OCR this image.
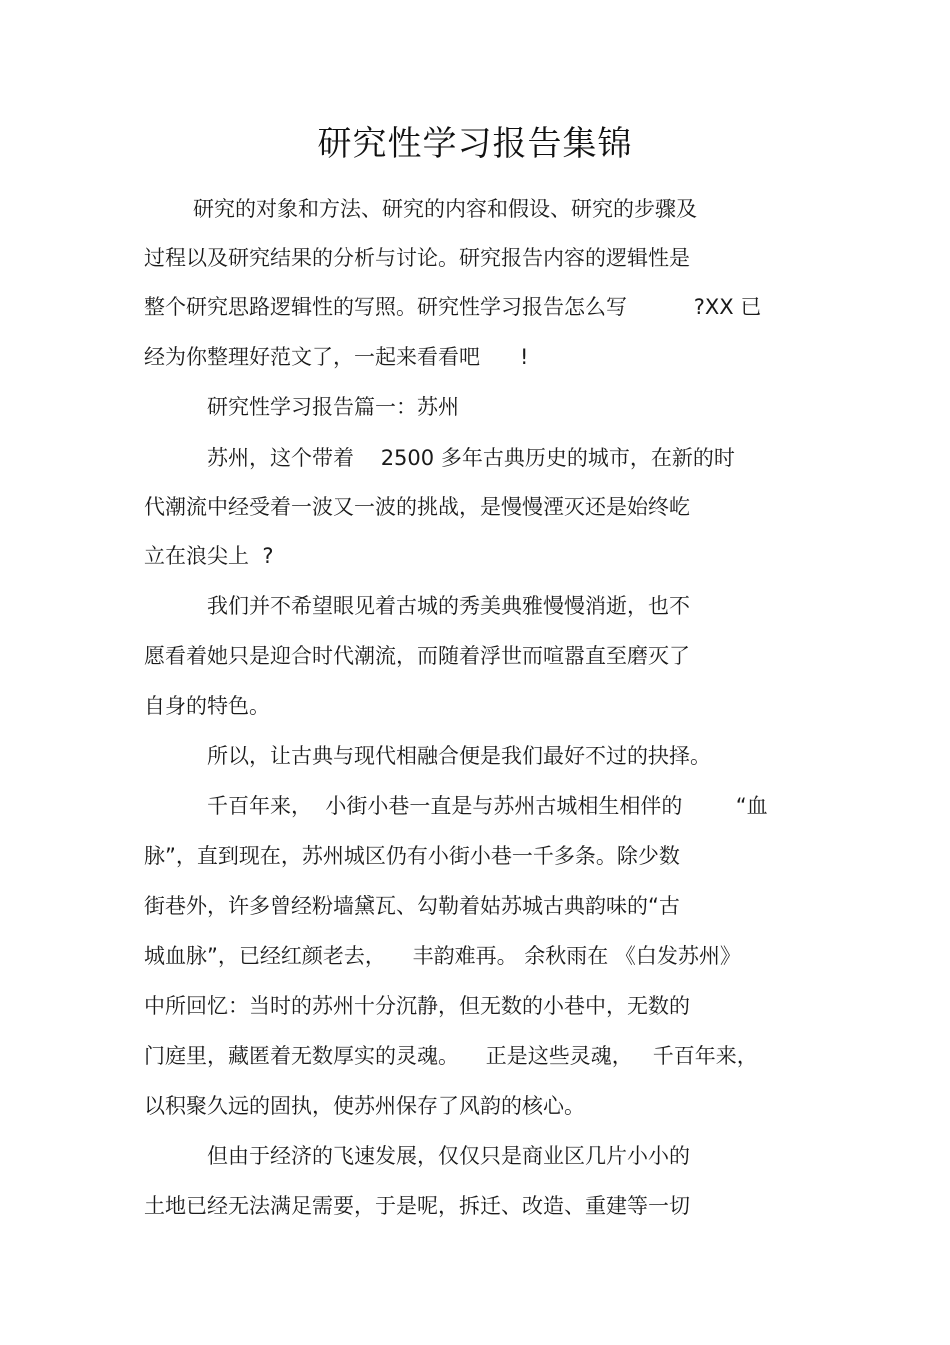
研究性学习报告集锦
研究的对象和方法、研究的内容和假设、研究的步骤及
过程以及研究结果的分析与讨论。研究报告内容的逻辑性是
整个研究思路逻辑性的写照。研究性学习报告怎么写          ?XX 已
经为你整理好范文了，一起来看看吧      !
研究性学习报告篇一：苏州
苏州，这个带着    2500 多年古典历史的城市，在新的时
代潮流中经受着一波又一波的挑战，是慢慢湮灭还是始终屹
立在浪尖上  ?
我们并不希望眼见着古城的秀美典雅慢慢消逝，也不
愿看着她只是迎合时代潮流，而随着浮世而喧嚣直至磨灭了
自身的特色。
所以，让古典与现代相融合便是我们最好不过的抉择。
千百年来，  小街小巷一直是与苏州古城相生相伴的        “血
脉”，直到现在，苏州城区仍有小街小巷一千多条。除少数
街巷外，许多曾经粉墙黛瓦、勾勒着姑苏城古典韵味的“古
城血脉”，已经红颜老去，    丰韵难再。 余秋雨在 《白发苏州》
中所回忆：当时的苏州十分沉静，但无数的小巷中，无数的
门庭里，藏匿着无数厚实的灵魂。    正是这些灵魂，   千百年来，
以积聚久远的固执，使苏州保存了风韵的核心。
但由于经济的飞速发展，仅仅只是商业区几片小小的
土地已经无法满足需要，于是呢，拆迁、改造、重建等一切
